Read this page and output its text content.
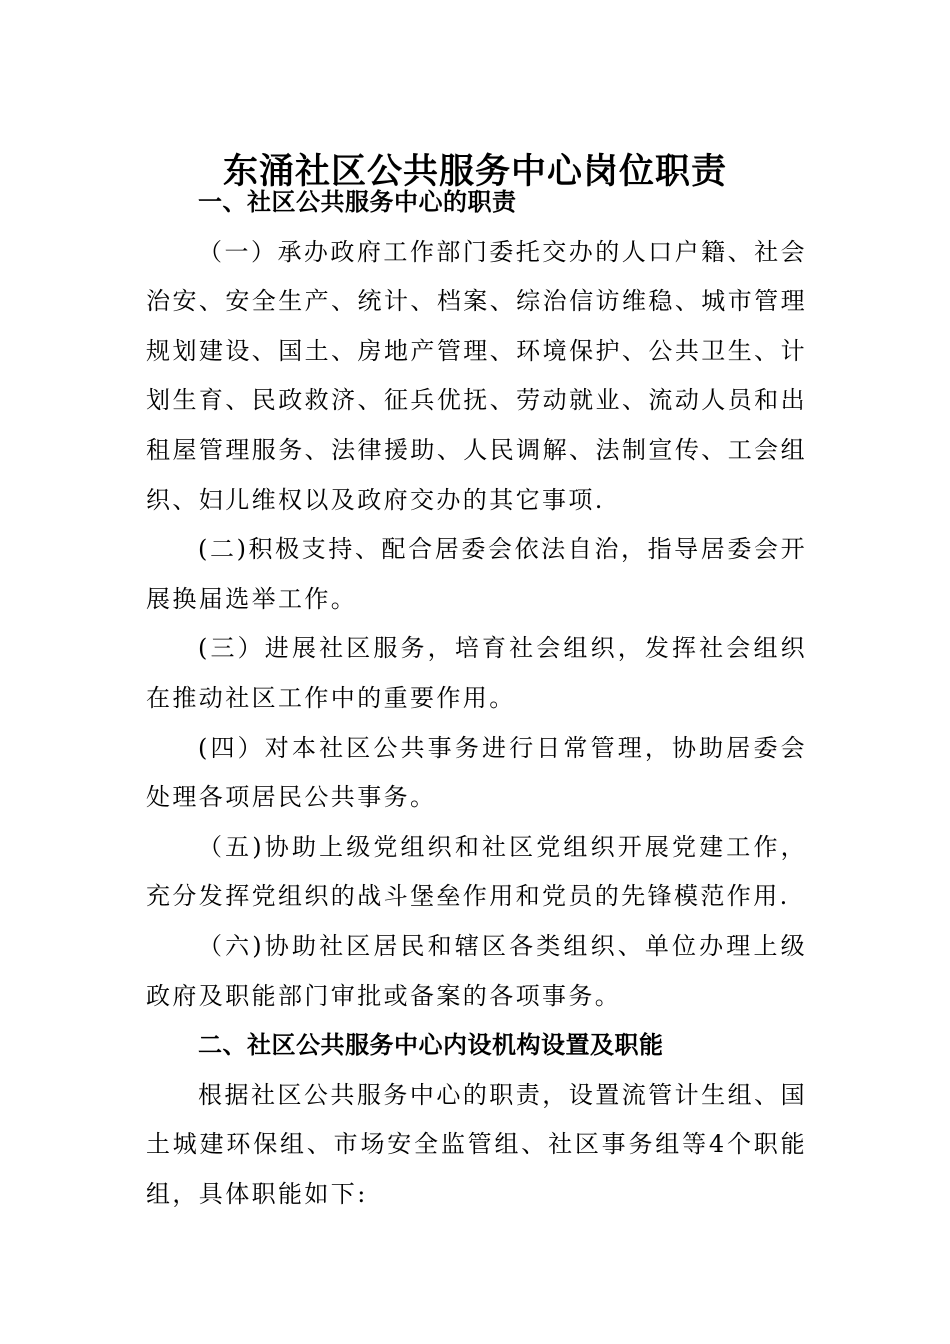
东涌社区公共服务中心岗位职责
一、社区公共服务中心的职责

（一）承办政府工作部门委托交办的人口户籍、社会治安、安全生产、统计、档案、综治信访维稳、城市管理规划建设、国土、房地产管理、环境保护、公共卫生、计划生育、民政救济、征兵优抚、劳动就业、流动人员和出租屋管理服务、法律援助、人民调解、法制宣传、工会组织、妇儿维权以及政府交办的其它事项.

(二)积极支持、配合居委会依法自治，指导居委会开展换届选举工作。

(三）进展社区服务，培育社会组织，发挥社会组织在推动社区工作中的重要作用。

(四）对本社区公共事务进行日常管理，协助居委会处理各项居民公共事务。

（五)协助上级党组织和社区党组织开展党建工作，充分发挥党组织的战斗堡垒作用和党员的先锋模范作用.

（六)协助社区居民和辖区各类组织、单位办理上级政府及职能部门审批或备案的各项事务。

二、社区公共服务中心内设机构设置及职能

根据社区公共服务中心的职责，设置流管计生组、国土城建环保组、市场安全监管组、社区事务组等4个职能组，具体职能如下:
